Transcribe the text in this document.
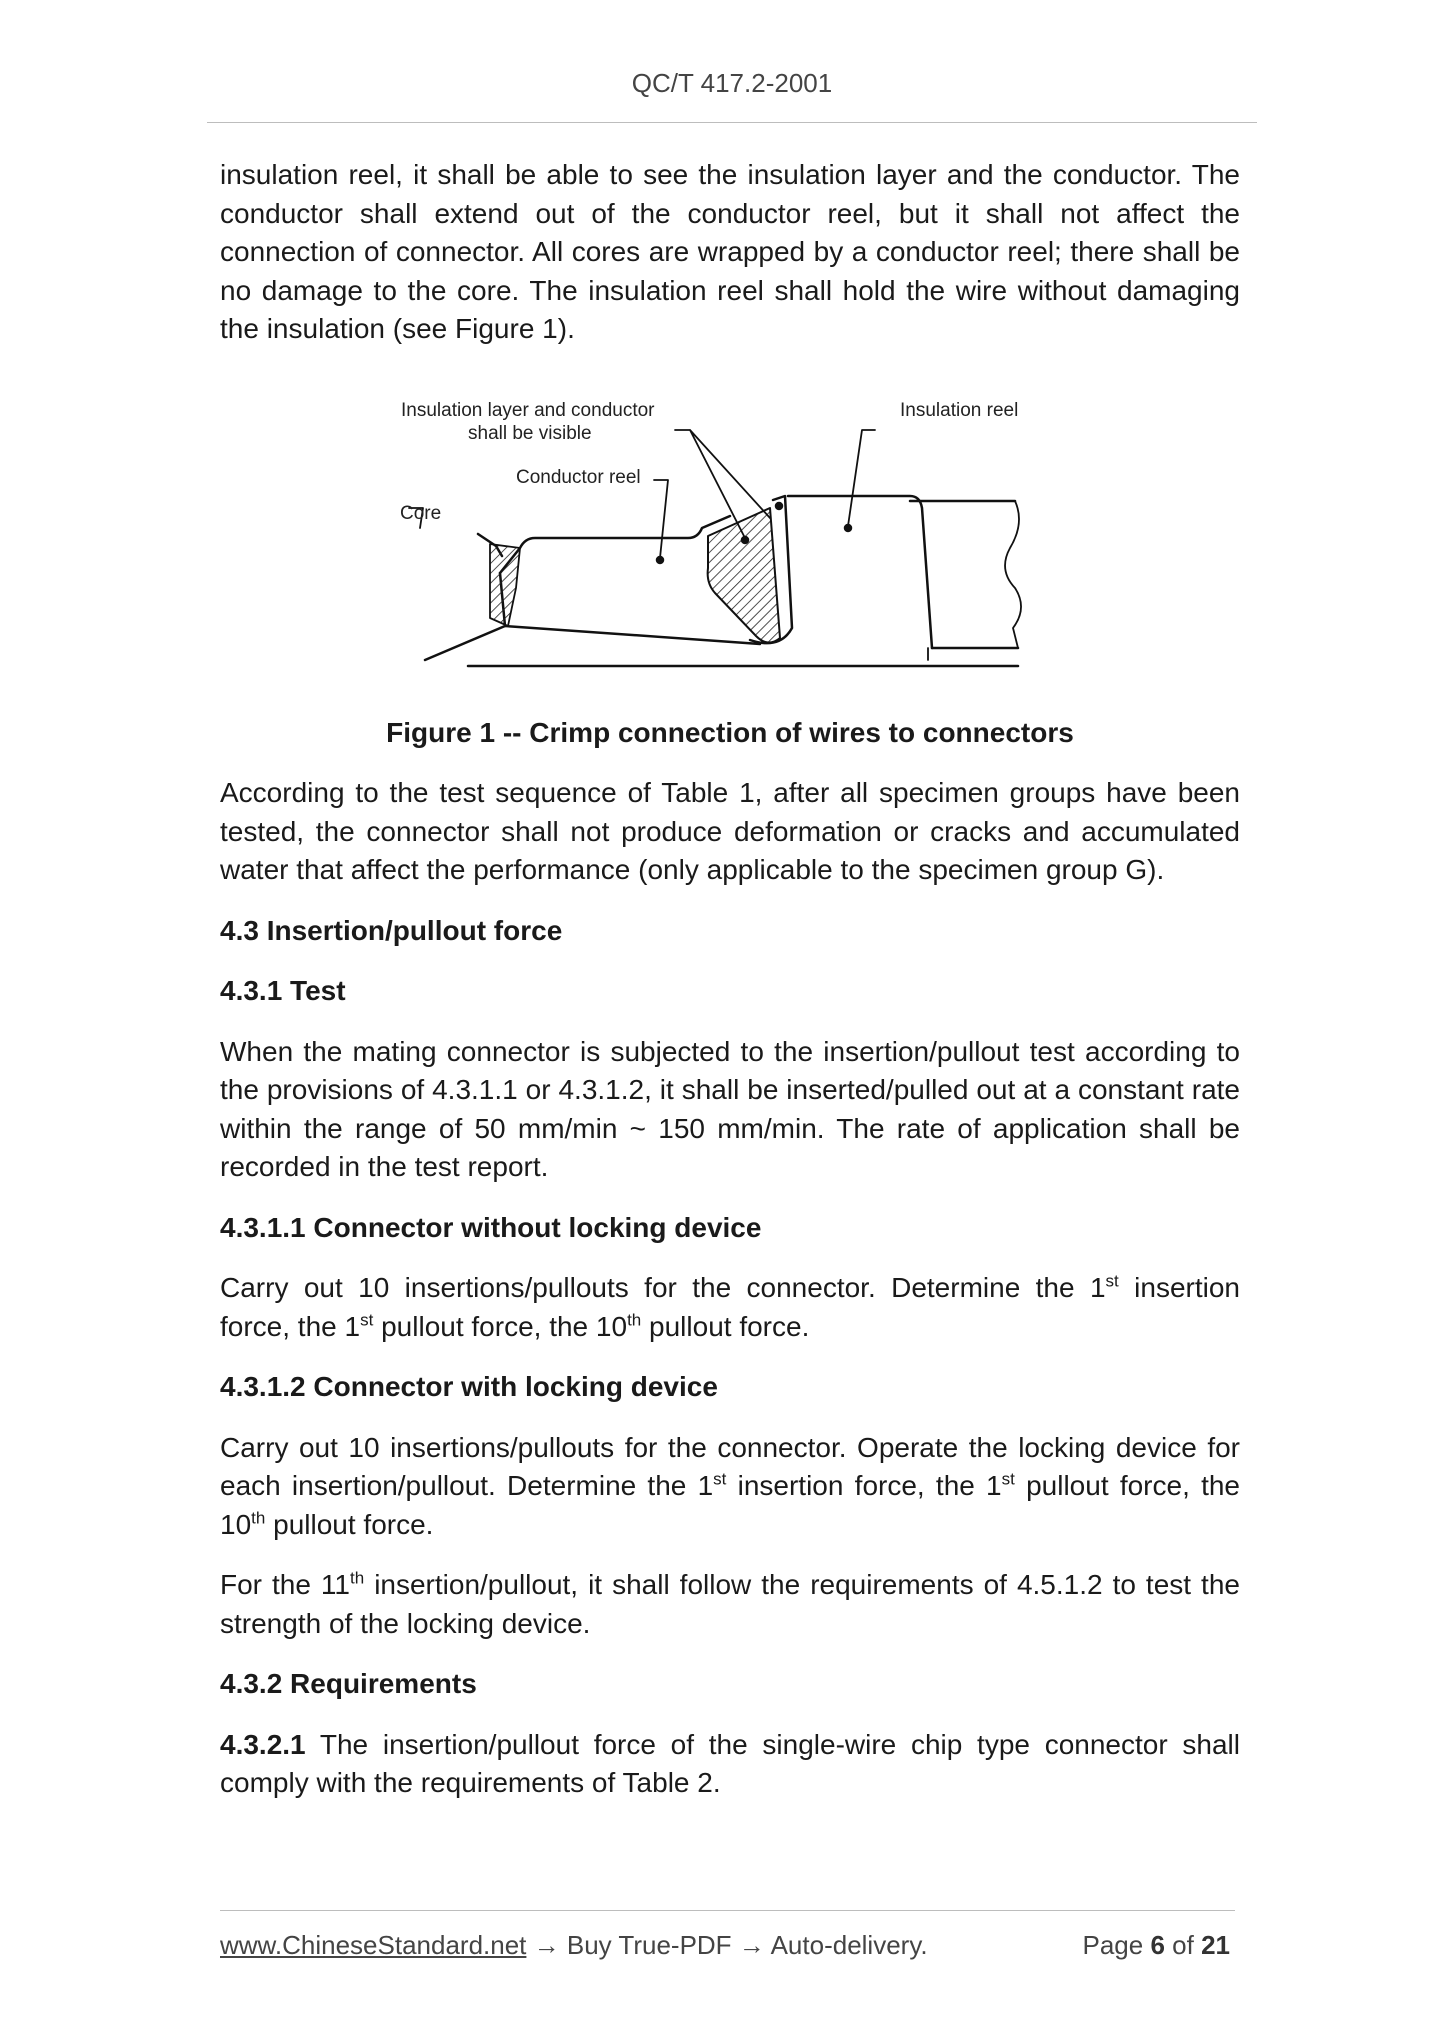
QC/T 417.2-2001

insulation reel, it shall be able to see the insulation layer and the conductor. The conductor shall extend out of the conductor reel, but it shall not affect the connection of connector. All cores are wrapped by a conductor reel; there shall be no damage to the core. The insulation reel shall hold the wire without damaging the insulation (see Figure 1).

Insulation layer and conductor
shall be visible
Insulation reel
Conductor reel
Core
Figure 1 -- Crimp connection of wires to connectors

According to the test sequence of Table 1, after all specimen groups have been tested, the connector shall not produce deformation or cracks and accumulated water that affect the performance (only applicable to the specimen group G).

4.3 Insertion/pullout force
4.3.1 Test

When the mating connector is subjected to the insertion/pullout test according to the provisions of 4.3.1.1 or 4.3.1.2, it shall be inserted/pulled out at a constant rate within the range of 50 mm/min ~ 150 mm/min. The rate of application shall be recorded in the test report.

4.3.1.1 Connector without locking device

Carry out 10 insertions/pullouts for the connector. Determine the 1st insertion force, the 1st pullout force, the 10th pullout force.

4.3.1.2 Connector with locking device

Carry out 10 insertions/pullouts for the connector. Operate the locking device for each insertion/pullout. Determine the 1st insertion force, the 1st pullout force, the 10th pullout force.

For the 11th insertion/pullout, it shall follow the requirements of 4.5.1.2 to test the strength of the locking device.

4.3.2 Requirements

4.3.2.1 The insertion/pullout force of the single-wire chip type connector shall comply with the requirements of Table 2.

www.ChineseStandard.net → Buy True-PDF → Auto-delivery.	Page 6 of 21
